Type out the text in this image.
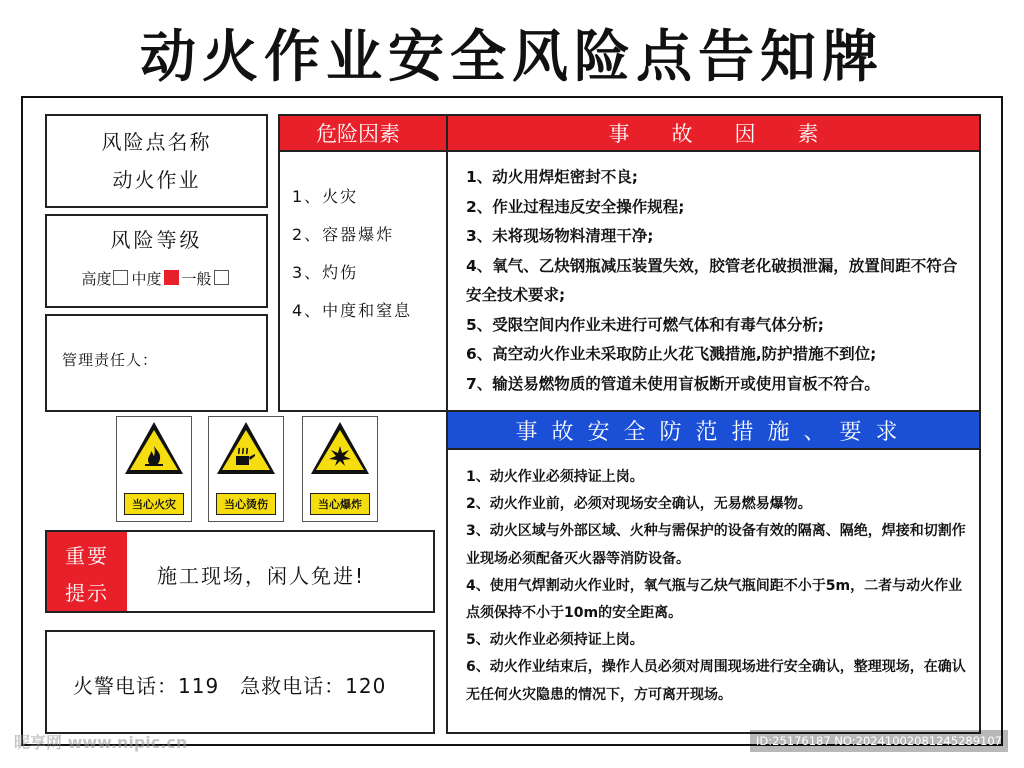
动火作业安全风险点告知牌
风险点名称
动火作业
风险等级
高度 中度 一般
管理责任人：
危险因素
1、火灾
2、容器爆炸
3、灼伤
4、中度和窒息
事　　故　　因　　素
1、动火用焊炬密封不良;
2、作业过程违反安全操作规程;
3、未将现场物料清理干净;
4、氧气、乙炔钢瓶减压装置失效，胶管老化破损泄漏，放置间距不符合安全技术要求;
5、受限空间内作业未进行可燃气体和有毒气体分析;
6、高空动火作业未采取防止火花飞溅措施,防护措施不到位;
7、输送易燃物质的管道未使用盲板断开或使用盲板不符合。
事故安全防范措施、要求
1、动火作业必须持证上岗。
2、动火作业前，必须对现场安全确认，无易燃易爆物。
3、动火区域与外部区域、火种与需保护的设备有效的隔离、隔绝，焊接和切割作业现场必须配备灭火器等消防设备。
4、使用气焊割动火作业时，氧气瓶与乙炔气瓶间距不小于5m，二者与动火作业点须保持不小于10m的安全距离。
5、动火作业必须持证上岗。
6、动火作业结束后，操作人员必须对周围现场进行安全确认，整理现场，在确认无任何火灾隐患的情况下，方可离开现场。
当心火灾	当心烫伤	当心爆炸
重要
提示
施工现场，闲人免进!
火警电话：119　急救电话：120
昵享网 www.nipic.cn	ID:25176187 NO:20241002081245289107
